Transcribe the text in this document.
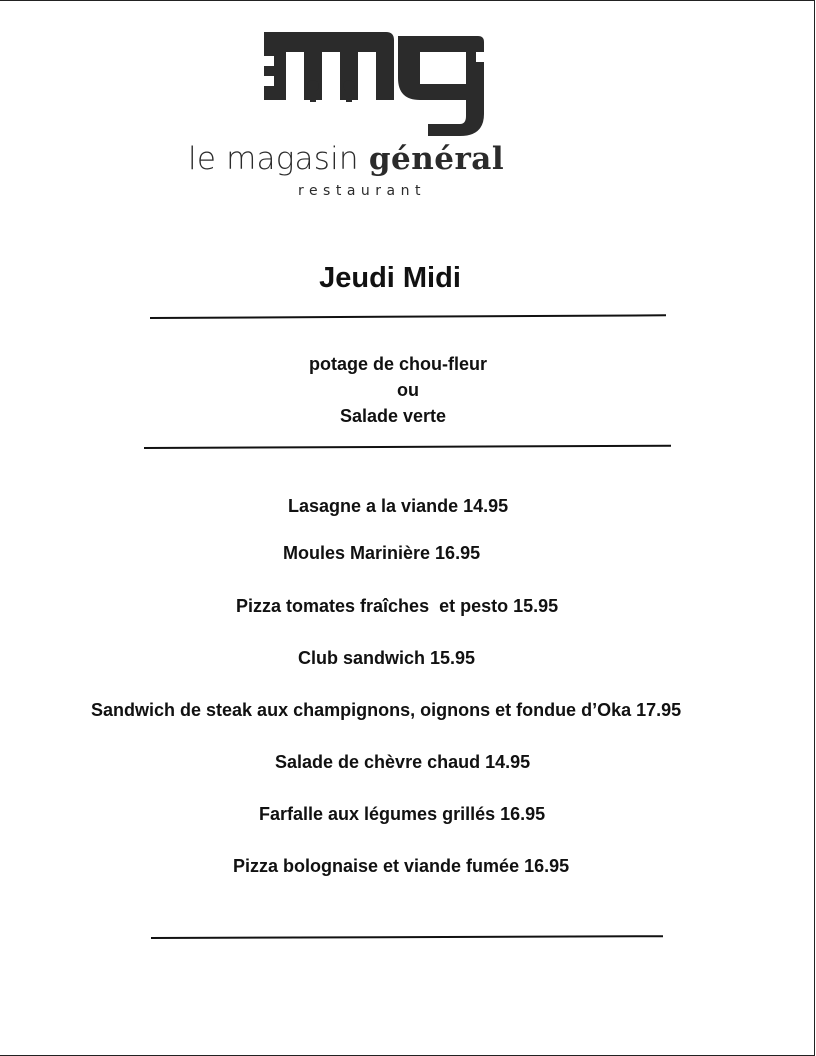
le magasin général
restaurant
Jeudi Midi
potage de chou-fleur
ou
Salade verte
Lasagne a la viande 14.95
Moules Marinière 16.95
Pizza tomates fraîches  et pesto 15.95
Club sandwich 15.95
Sandwich de steak aux champignons, oignons et fondue d’Oka 17.95
Salade de chèvre chaud 14.95
Farfalle aux légumes grillés 16.95
Pizza bolognaise et viande fumée 16.95
